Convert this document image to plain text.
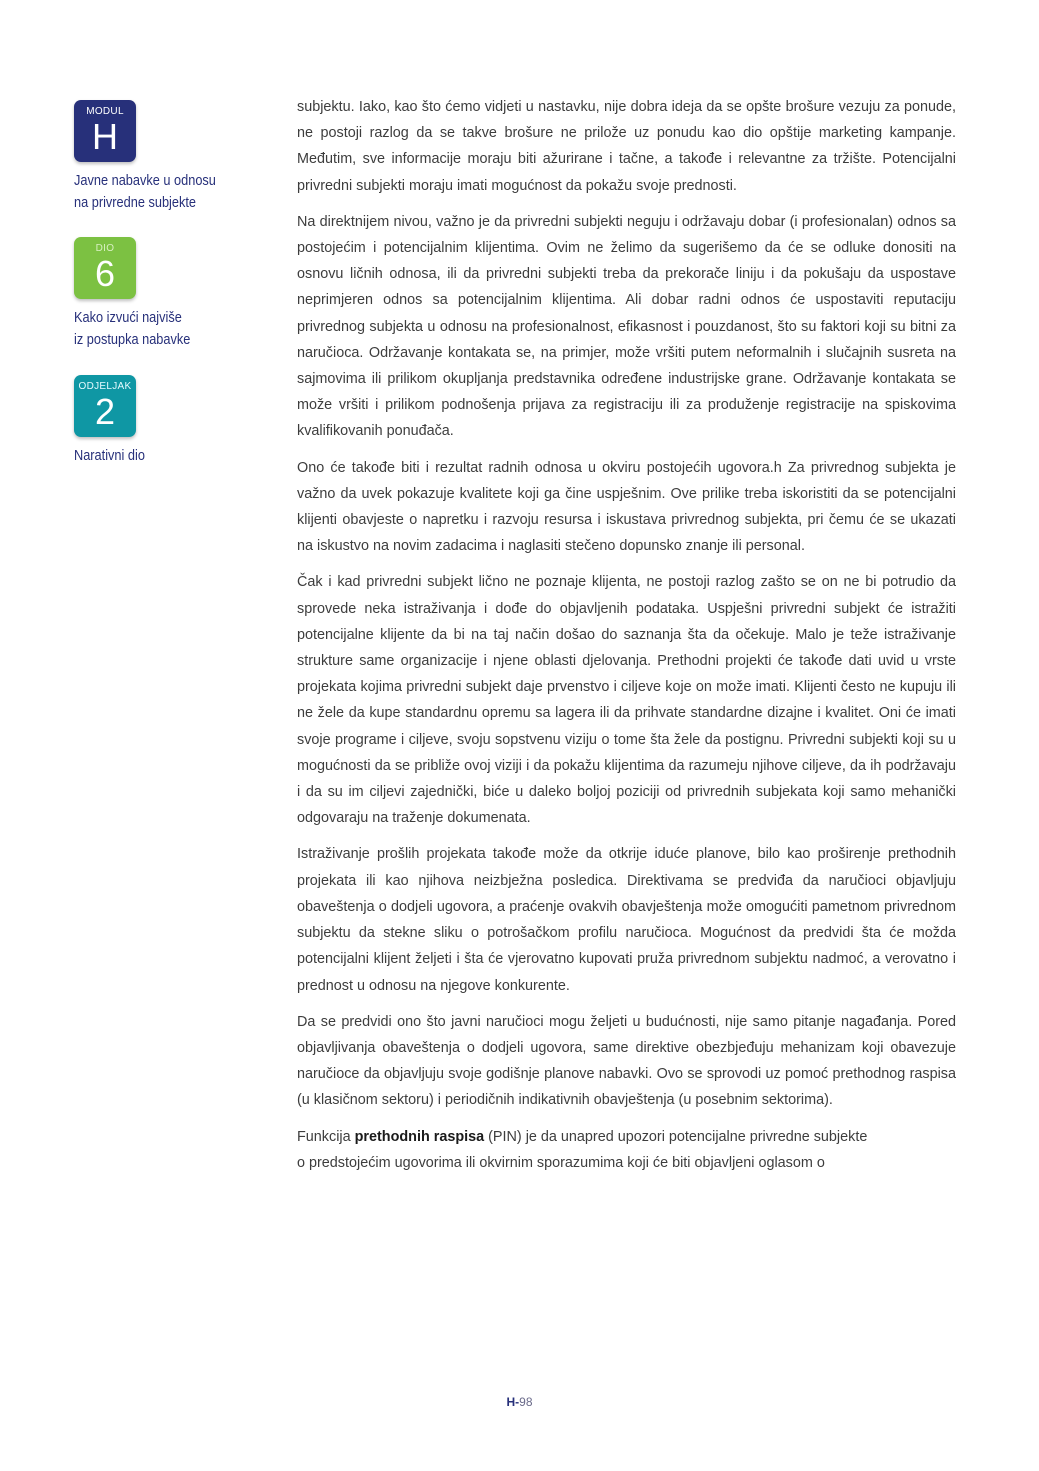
MODUL
H
Javne nabavke u odnosu
na privredne subjekte
DIO
6
Kako izvući najviše
iz postupka nabavke
ODJELJAK
2
Narativni dio

subjektu. Iako, kao što ćemo vidjeti u nastavku, nije dobra ideja da se opšte brošure vezuju za ponude, ne postoji razlog da se takve brošure ne prilože uz ponudu kao dio opštije marketing kampanje. Međutim, sve informacije moraju biti ažurirane i tačne, a takođe i relevantne za tržište. Potencijalni privredni subjekti moraju imati mogućnost da pokažu svoje prednosti.

Na direktnijem nivou, važno je da privredni subjekti neguju i održavaju dobar (i profesionalan) odnos sa postojećim i potencijalnim klijentima. Ovim ne želimo da sugerišemo da će se odluke donositi na osnovu ličnih odnosa, ili da privredni subjekti treba da prekorače liniju i da pokušaju da uspostave neprimjeren odnos sa potencijalnim klijentima. Ali dobar radni odnos će uspostaviti reputaciju privrednog subjekta u odnosu na profesionalnost, efikasnost i pouzdanost, što su faktori koji su bitni za naručioca. Održavanje kontakata se, na primjer, može vršiti putem neformalnih i slučajnih susreta na sajmovima ili prilikom okupljanja predstavnika određene industrijske grane. Održavanje kontakata se može vršiti i prilikom podnošenja prijava za registraciju ili za produženje registracije na spiskovima kvalifikovanih ponuđača.

Ono će takođe biti i rezultat radnih odnosa u okviru postojećih ugovora.h Za privrednog subjekta je važno da uvek pokazuje kvalitete koji ga čine uspješnim. Ove prilike treba iskoristiti da se potencijalni klijenti obavjeste o napretku i razvoju resursa i iskustava privrednog subjekta, pri čemu će se ukazati na iskustvo na novim zadacima i naglasiti stečeno dopunsko znanje ili personal.

Čak i kad privredni subjekt lično ne poznaje klijenta, ne postoji razlog zašto se on ne bi potrudio da sprovede neka istraživanja i dođe do objavljenih podataka. Uspješni privredni subjekt će istražiti potencijalne klijente da bi na taj način došao do saznanja šta da očekuje. Malo je teže istraživanje strukture same organizacije i njene oblasti djelovanja. Prethodni projekti će takođe dati uvid u vrste projekata kojima privredni subjekt daje prvenstvo i ciljeve koje on može imati. Klijenti često ne kupuju ili ne žele da kupe standardnu opremu sa lagera ili da prihvate standardne dizajne i kvalitet. Oni će imati svoje programe i ciljeve, svoju sopstvenu viziju o tome šta žele da postignu. Privredni subjekti koji su u mogućnosti da se približe ovoj viziji i da pokažu klijentima da razumeju njihove ciljeve, da ih podržavaju i da su im ciljevi zajednički, biće u daleko boljoj poziciji od privrednih subjekata koji samo mehanički odgovaraju na traženje dokumenata.

Istraživanje prošlih projekata takođe može da otkrije iduće planove, bilo kao proširenje prethodnih projekata ili kao njihova neizbježna posledica. Direktivama se predviđa da naručioci objavljuju obaveštenja o dodjeli ugovora, a praćenje ovakvih obavještenja može omogućiti pametnom privrednom subjektu da stekne sliku o potrošačkom profilu naručioca. Mogućnost da predvidi šta će možda potencijalni klijent željeti i šta će vjerovatno kupovati pruža privrednom subjektu nadmoć, a verovatno i prednost u odnosu na njegove konkurente.

Da se predvidi ono što javni naručioci mogu željeti u budućnosti, nije samo pitanje nagađanja. Pored objavljivanja obaveštenja o dodjeli ugovora, same direktive obezbjeđuju mehanizam koji obavezuje naručioce da objavljuju svoje godišnje planove nabavki. Ovo se sprovodi uz pomoć prethodnog raspisa (u klasičnom sektoru) i periodičnih indikativnih obavještenja (u posebnim sektorima).

Funkcija prethodnih raspisa (PIN) je da unapred upozori potencijalne privredne subjekte
o predstojećim ugovorima ili okvirnim sporazumima koji će biti objavljeni oglasom o

H-98
